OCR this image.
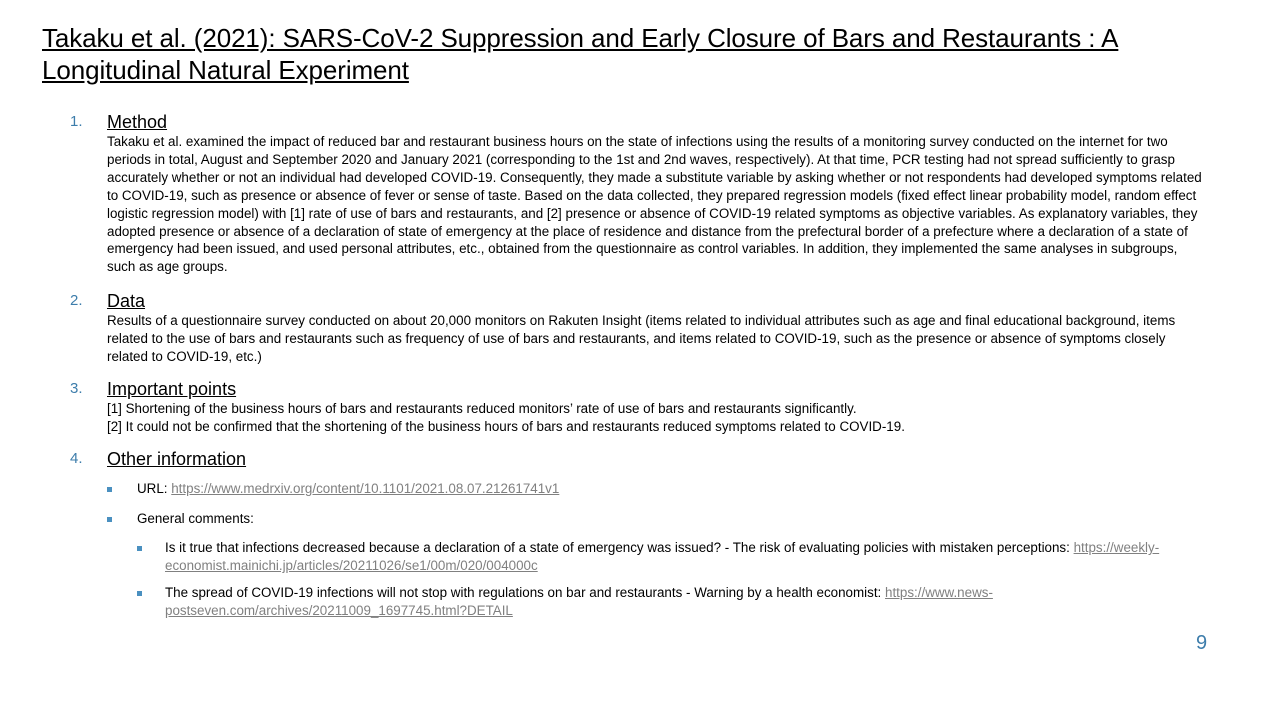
Takaku et al. (2021): SARS-CoV-2 Suppression and Early Closure of Bars and Restaurants : A Longitudinal Natural Experiment
1. Method
Takaku et al. examined the impact of reduced bar and restaurant business hours on the state of infections using the results of a monitoring survey conducted on the internet for two periods in total, August and September 2020 and January 2021 (corresponding to the 1st and 2nd waves, respectively). At that time, PCR testing had not spread sufficiently to grasp accurately whether or not an individual had developed COVID-19. Consequently, they made a substitute variable by asking whether or not respondents had developed symptoms related to COVID-19, such as presence or absence of fever or sense of taste. Based on the data collected, they prepared regression models (fixed effect linear probability model, random effect logistic regression model) with [1] rate of use of bars and restaurants, and [2] presence or absence of COVID-19 related symptoms as objective variables. As explanatory variables, they adopted presence or absence of a declaration of state of emergency at the place of residence and distance from the prefectural border of a prefecture where a declaration of a state of emergency had been issued, and used personal attributes, etc., obtained from the questionnaire as control variables. In addition, they implemented the same analyses in subgroups, such as age groups.
2. Data
Results of a questionnaire survey conducted on about 20,000 monitors on Rakuten Insight (items related to individual attributes such as age and final educational background, items related to the use of bars and restaurants such as frequency of use of bars and restaurants, and items related to COVID-19, such as the presence or absence of symptoms closely related to COVID-19, etc.)
3. Important points
[1] Shortening of the business hours of bars and restaurants reduced monitors’ rate of use of bars and restaurants significantly.
[2] It could not be confirmed that the shortening of the business hours of bars and restaurants reduced symptoms related to COVID-19.
4. Other information
URL: https://www.medrxiv.org/content/10.1101/2021.08.07.21261741v1
General comments:
Is it true that infections decreased because a declaration of a state of emergency was issued? - The risk of evaluating policies with mistaken perceptions: https://weekly-economist.mainichi.jp/articles/20211026/se1/00m/020/004000c
The spread of COVID-19 infections will not stop with regulations on bar and restaurants - Warning by a health economist: https://www.news-postseven.com/archives/20211009_1697745.html?DETAIL
9
